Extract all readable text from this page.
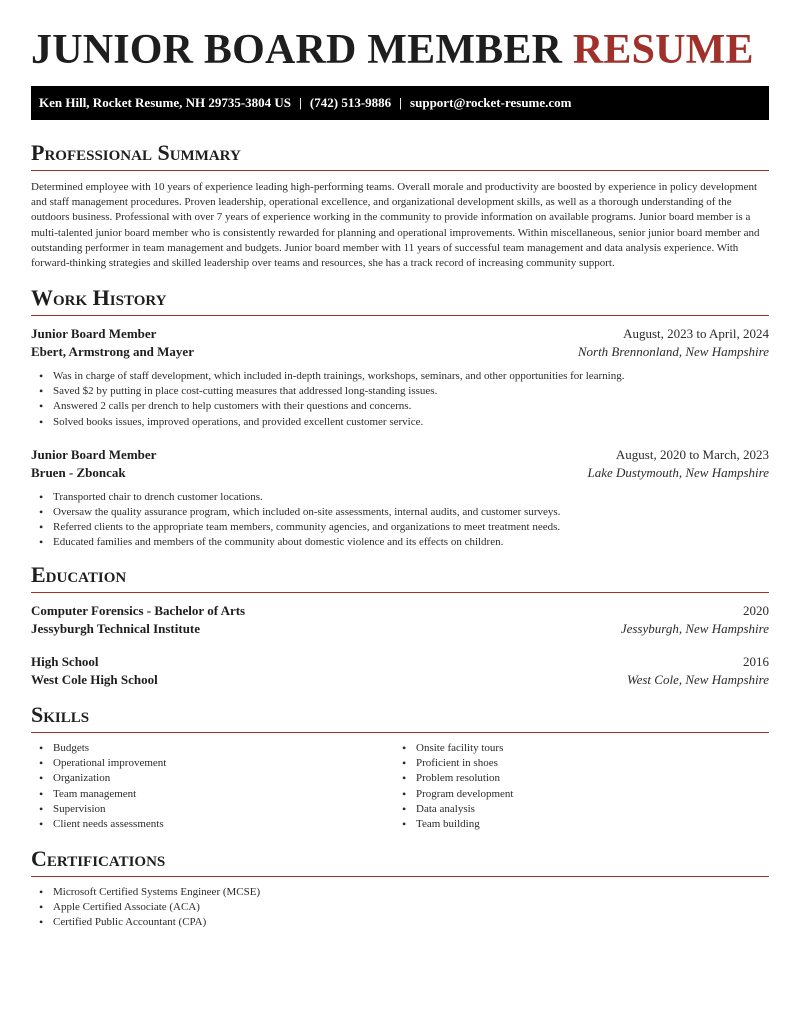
JUNIOR BOARD MEMBER RESUME
Ken Hill, Rocket Resume, NH 29735-3804 US | (742) 513-9886 | support@rocket-resume.com
Professional Summary

Determined employee with 10 years of experience leading high-performing teams. Overall morale and productivity are boosted by experience in policy development and staff management procedures. Proven leadership, operational excellence, and organizational development skills, as well as a thorough understanding of the outdoors business. Professional with over 7 years of experience working in the community to provide information on available programs. Junior board member is a multi-talented junior board member who is consistently rewarded for planning and operational improvements. Within miscellaneous, senior junior board member and outstanding performer in team management and budgets. Junior board member with 11 years of successful team management and data analysis experience. With forward-thinking strategies and skilled leadership over teams and resources, she has a track record of increasing community support.

Work History
Junior Board Member	August, 2023 to April, 2024
Ebert, Armstrong and Mayer	North Brennonland, New Hampshire
• Was in charge of staff development, which included in-depth trainings, workshops, seminars, and other opportunities for learning.
• Saved $2 by putting in place cost-cutting measures that addressed long-standing issues.
• Answered 2 calls per drench to help customers with their questions and concerns.
• Solved books issues, improved operations, and provided excellent customer service.
Junior Board Member	August, 2020 to March, 2023
Bruen - Zboncak	Lake Dustymouth, New Hampshire
• Transported chair to drench customer locations.
• Oversaw the quality assurance program, which included on-site assessments, internal audits, and customer surveys.
• Referred clients to the appropriate team members, community agencies, and organizations to meet treatment needs.
• Educated families and members of the community about domestic violence and its effects on children.
Education
Computer Forensics - Bachelor of Arts	2020
Jessyburgh Technical Institute	Jessyburgh, New Hampshire
High School	2016
West Cole High School	West Cole, New Hampshire
Skills
• Budgets
• Operational improvement
• Organization
• Team management
• Supervision
• Client needs assessments
• Onsite facility tours
• Proficient in shoes
• Problem resolution
• Program development
• Data analysis
• Team building
Certifications
• Microsoft Certified Systems Engineer (MCSE)
• Apple Certified Associate (ACA)
• Certified Public Accountant (CPA)
